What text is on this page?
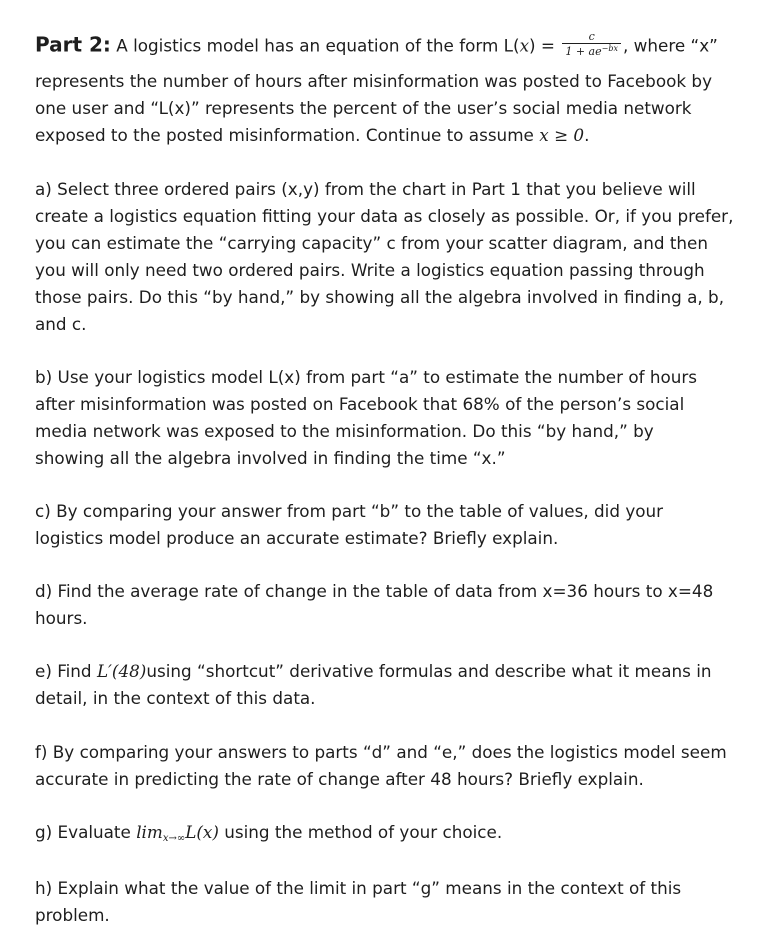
Part 2: A logistics model has an equation of the form $L(x) = \frac{c}{1 + ae^{-bx}}$ , where “x”
represents the number of hours after misinformation was posted to Facebook by
one user and “L(x)” represents the percent of the user’s social media network
exposed to the posted misinformation. Continue to assume x ≥ 0.
a) Select three ordered pairs (x,y) from the chart in Part 1 that you believe will
create a logistics equation fitting your data as closely as possible. Or, if you prefer,
you can estimate the “carrying capacity” c from your scatter diagram, and then
you will only need two ordered pairs. Write a logistics equation passing through
those pairs. Do this “by hand,” by showing all the algebra involved in finding a, b,
and c.
b) Use your logistics model L(x) from part “a” to estimate the number of hours
after misinformation was posted on Facebook that 68% of the person’s social
media network was exposed to the misinformation. Do this “by hand,” by
showing all the algebra involved in finding the time “x.”
c) By comparing your answer from part “b” to the table of values, did your
logistics model produce an accurate estimate? Briefly explain.
d) Find the average rate of change in the table of data from x=36 hours to x=48
hours.
e) Find L′(48)using “shortcut” derivative formulas and describe what it means in
detail, in the context of this data.
f) By comparing your answers to parts “d” and “e,” does the logistics model seem
accurate in predicting the rate of change after 48 hours? Briefly explain.
g) Evaluate $\lim_{x\to\infty}L(x)$ using the method of your choice.
h) Explain what the value of the limit in part “g” means in the context of this
problem.
